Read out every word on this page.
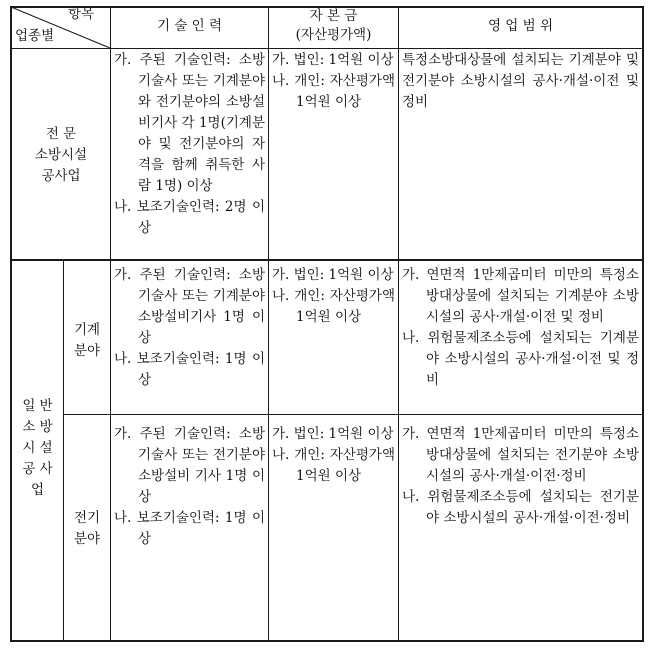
항목
업종별
기 술 인 력
자 본 금
(자산평가액)
영 업 범 위
전 문
소방시설
공사업
가. 주된 기술인력: 소방기술사 또는 기계분야와 전기분야의 소방설비기사 각 1명(기계분야 및 전기분야의 자격을 함께 취득한 사람 1명) 이상
나. 보조기술인력: 2명 이상
가. 법인: 1억원 이상
나. 개인: 자산평가액 1억원 이상
특정소방대상물에 설치되는 기계분야 및 전기분야 소방시설의 공사·개설·이전 및 정비
일 반
소 방
시 설
공 사
업
기계
분야
가. 주된 기술인력: 소방기술사 또는 기계분야 소방설비기사 1명 이상
나. 보조기술인력: 1명 이상
가. 법인: 1억원 이상
나. 개인: 자산평가액 1억원 이상
가. 연면적 1만제곱미터 미만의 특정소방대상물에 설치되는 기계분야 소방시설의 공사·개설·이전 및 정비
나. 위험물제조소등에 설치되는 기계분야 소방시설의 공사·개설·이전 및 정비
전기
분야
가. 주된 기술인력: 소방기술사 또는 전기분야 소방설비 기사 1명 이상
나. 보조기술인력: 1명 이상
가. 법인: 1억원 이상
나. 개인: 자산평가액 1억원 이상
가. 연면적 1만제곱미터 미만의 특정소방대상물에 설치되는 전기분야 소방시설의 공사·개설·이전·정비
나. 위험물제조소등에 설치되는 전기분야 소방시설의 공사·개설·이전·정비
